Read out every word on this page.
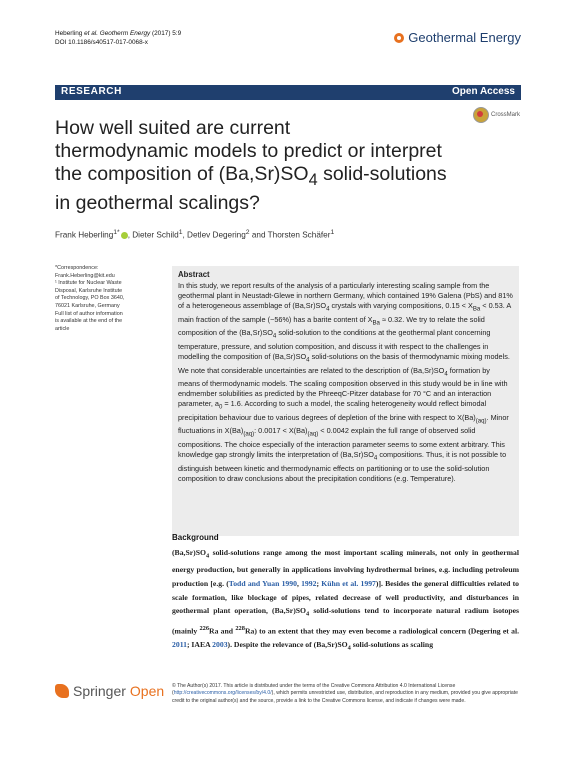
Heberling et al. Geotherm Energy (2017) 5:9
DOI 10.1186/s40517-017-0068-x	Geothermal Energy
RESEARCH	Open Access
CrossMark
How well suited are current
thermodynamic models to predict or interpret
the composition of $(Ba,Sr)SO_4$ solid-solutions
in geothermal scalings?
Frank Heberling$^{1*}$ , Dieter Schild$^1$, Detlev Degering$^2$ and Thorsten Schäfer$^1$
*Correspondence:
Frank.Heberling@kit.edu
¹ Institute for Nuclear Waste
Disposal, Karlsruhe Institute
of Technology, PO Box 3640,
76021 Karlsruhe, Germany
Full list of author information
is available at the end of the
article
Abstract

In this study, we report results of the analysis of a particularly interesting scaling sample from the geothermal plant in Neustadt-Glewe in northern Germany, which contained 19% Galena (PbS) and 81% of a heterogeneous assemblage of $(Ba,Sr)SO_4$ crystals with varying compositions, $0.15 < X_{Ba} < 0.53$. A main fraction of the sample (~56%) has a barite content of $X_{Ba} \approx 0.32$. We try to relate the solid composition of the $(Ba,Sr)SO_4$ solid-solution to the conditions at the geothermal plant concerning temperature, pressure, and solution composition, and discuss it with respect to the challenges in modelling the composition of $(Ba,Sr)SO_4$ solid-solutions on the basis of thermodynamic mixing models. We note that considerable uncertainties are related to the description of $(Ba,Sr)SO_4$ formation by means of thermodynamic models. The scaling composition observed in this study would be in line with endmember solubilities as predicted by the PhreeqC-Pitzer database for 70 °C and an interaction parameter, $a_0 = 1.6$. According to such a model, the scaling heterogeneity would reflect bimodal precipitation behaviour due to various degrees of depletion of the brine with respect to $X(Ba)_{(aq)}$. Minor fluctuations in $X(Ba)_{(aq)}$: $0.0017 < X(Ba)_{(aq)} < 0.0042$ explain the full range of observed solid compositions. The choice especially of the interaction parameter seems to some extent arbitrary. This knowledge gap strongly limits the interpretation of $(Ba,Sr)SO_4$ compositions. Thus, it is not possible to distinguish between kinetic and thermodynamic effects on partitioning or to use the solid-solution composition to draw conclusions about the precipitation conditions (e.g. Temperature).

Background

$(Ba,Sr)SO_4$ solid-solutions range among the most important scaling minerals, not only in geothermal energy production, but generally in applications involving hydrothermal brines, e.g. including petroleum production [e.g. (Todd and Yuan 1990, 1992; Kühn et al. 1997)]. Besides the general difficulties related to scale formation, like blockage of pipes, related decrease of well productivity, and disturbances in geothermal plant operation, $(Ba,Sr)SO_4$ solid-solutions tend to incorporate natural radium isotopes (mainly $^{226}$Ra and $^{228}$Ra) to an extent that they may even become a radiological concern (Degering et al. 2011; IAEA 2003). Despite the relevance of $(Ba,Sr)SO_4$ solid-solutions as scaling

Springer Open © The Author(s) 2017. This article is distributed under the terms of the Creative Commons Attribution 4.0 International License (http://creativecommons.org/licenses/by/4.0/), which permits unrestricted use, distribution, and reproduction in any medium, provided you give appropriate credit to the original author(s) and the source, provide a link to the Creative Commons license, and indicate if changes were made.
